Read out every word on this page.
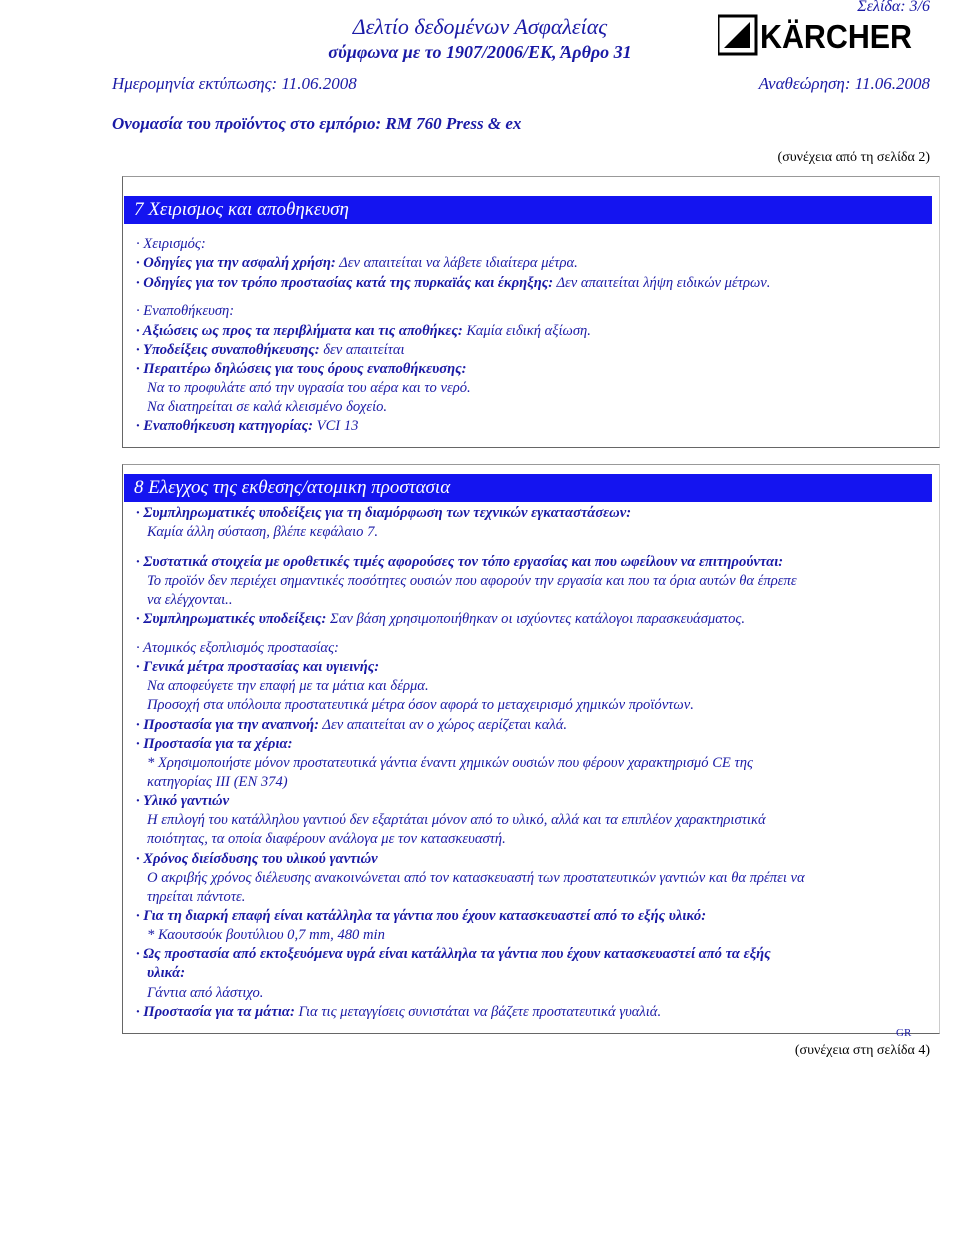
Σελίδα: 3/6
Δελτίο δεδομένων Ασφαλείας
σύμφωνα με το 1907/2006/ΕΚ, Άρθρο 31	KÄRCHER
Ημερομηνία εκτύπωσης: 11.06.2008	Αναθεώρηση: 11.06.2008
Ονομασία του προϊόντος στο εμπόριο: RM 760 Press & ex
(συνέχεια από τη σελίδα 2)
7 Χειρισμος και αποθηκευση
· Χειρισμός:
· Οδηγίες για την ασφαλή χρήση: Δεν απαιτείται να λάβετε ιδιαίτερα μέτρα.
· Οδηγίες για τον τρόπο προστασίας κατά της πυρκαϊάς και έκρηξης: Δεν απαιτείται λήψη ειδικών μέτρων.
· Εναποθήκευση:
· Αξιώσεις ως προς τα περιβλήματα και τις αποθήκες: Καμία ειδική αξίωση.
· Υποδείξεις συναποθήκευσης: δεν απαιτείται
· Περαιτέρω δηλώσεις για τους όρους εναποθήκευσης:
Να το προφυλάτε από την υγρασία του αέρα και το νερό.
Να διατηρείται σε καλά κλεισμένο δοχείο.
· Εναποθήκευση κατηγορίας: VCI 13
8 Ελεγχος της εκθεσης/ατομικη προστασια
· Συμπληρωματικές υποδείξεις για τη διαμόρφωση των τεχνικών εγκαταστάσεων:
Καμία άλλη σύσταση, βλέπε κεφάλαιο 7.
· Συστατικά στοιχεία με οροθετικές τιμές αφορούσες τον τόπο εργασίας και που ωφείλουν να επιτηρούνται:
Το προϊόν δεν περιέχει σημαντικές ποσότητες ουσιών που αφορούν την εργασία και που τα όρια αυτών θα έπρεπε
να ελέγχονται..
· Συμπληρωματικές υποδείξεις: Σαν βάση χρησιμοποιήθηκαν οι ισχύοντες κατάλογοι παρασκευάσματος.
· Ατομικός εξοπλισμός προστασίας:
· Γενικά μέτρα προστασίας και υγιεινής:
Να αποφεύγετε την επαφή με τα μάτια και δέρμα.
Προσοχή στα υπόλοιπα προστατευτικά μέτρα όσον αφορά το μεταχειρισμό χημικών προϊόντων.
· Προστασία για την αναπνοή: Δεν απαιτείται αν ο χώρος αερίζεται καλά.
· Προστασία για τα χέρια:
* Χρησιμοποιήστε μόνον προστατευτικά γάντια έναντι χημικών ουσιών που φέρουν χαρακτηρισμό CE της
κατηγορίας III (EN 374)
· Υλικό γαντιών
Η επιλογή του κατάλληλου γαντιού δεν εξαρτάται μόνον από το υλικό, αλλά και τα επιπλέον χαρακτηριστικά
ποιότητας, τα οποία διαφέρουν ανάλογα με τον κατασκευαστή.
· Χρόνος διείσδυσης του υλικού γαντιών
Ο ακριβής χρόνος διέλευσης ανακοινώνεται από τον κατασκευαστή των προστατευτικών γαντιών και θα πρέπει να
τηρείται πάντοτε.
· Για τη διαρκή επαφή είναι κατάλληλα τα γάντια που έχουν κατασκευαστεί από το εξής υλικό:
* Καουτσούκ βουτύλιου 0,7 mm, 480 min
· Ως προστασία από εκτοξευόμενα υγρά είναι κατάλληλα τα γάντια που έχουν κατασκευαστεί από τα εξής
υλικά:
Γάντια από λάστιχο.
· Προστασία για τα μάτια: Για τις μεταγγίσεις συνιστάται να βάζετε προστατευτικά γυαλιά.
GR
(συνέχεια στη σελίδα 4)
